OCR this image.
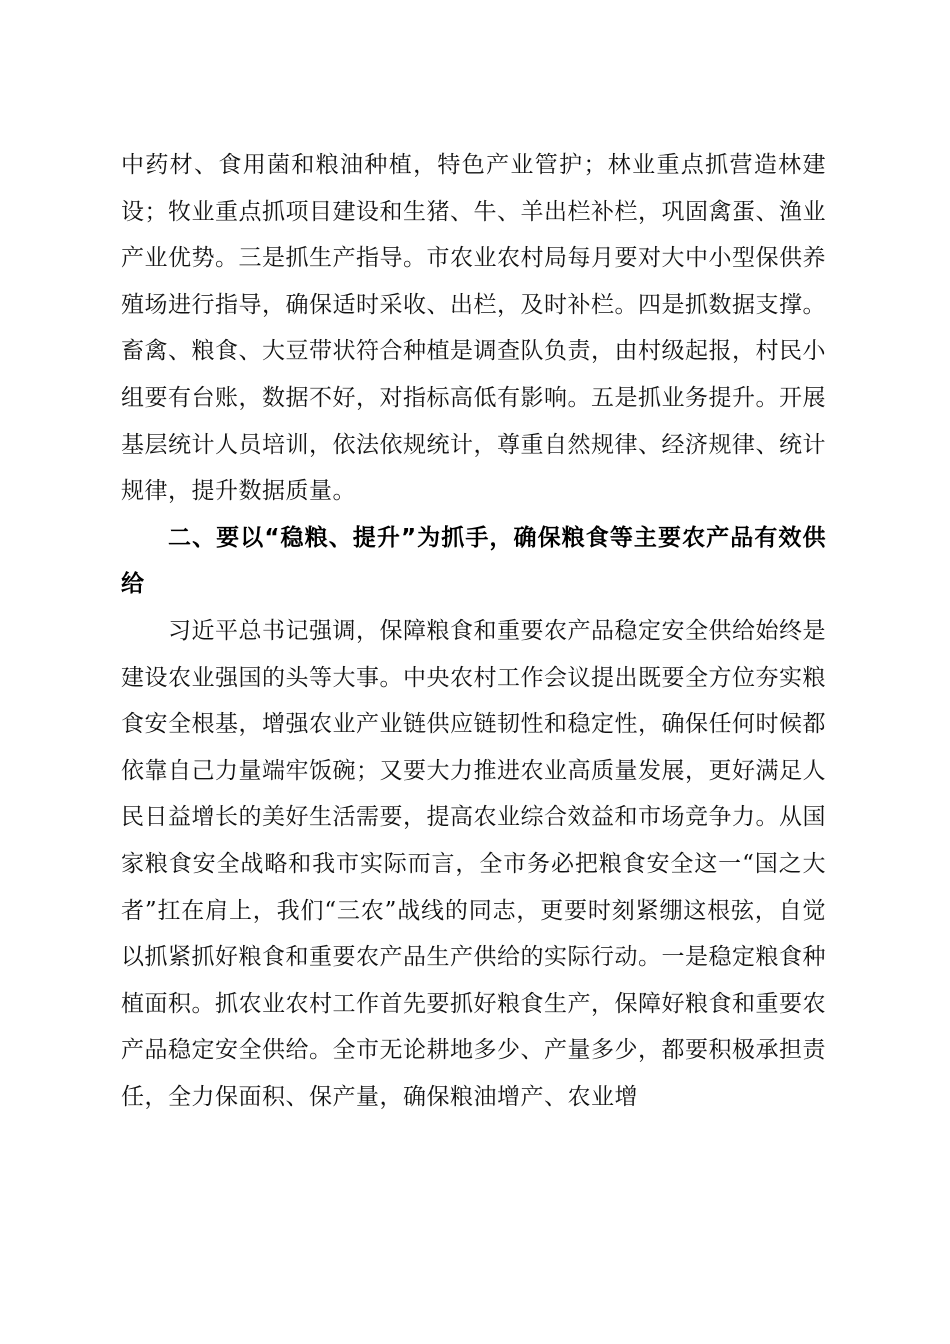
中药材、食用菌和粮油种植，特色产业管护；林业重点抓营造林建设；牧业重点抓项目建设和生猪、牛、羊出栏补栏，巩固禽蛋、渔业产业优势。三是抓生产指导。市农业农村局每月要对大中小型保供养殖场进行指导，确保适时采收、出栏，及时补栏。四是抓数据支撑。畜禽、粮食、大豆带状符合种植是调查队负责，由村级起报，村民小组要有台账，数据不好，对指标高低有影响。五是抓业务提升。开展基层统计人员培训，依法依规统计，尊重自然规律、经济规律、统计规律，提升数据质量。

二、要以“稳粮、提升”为抓手，确保粮食等主要农产品有效供给

习近平总书记强调，保障粮食和重要农产品稳定安全供给始终是建设农业强国的头等大事。中央农村工作会议提出既要全方位夯实粮食安全根基，增强农业产业链供应链韧性和稳定性，确保任何时候都依靠自己力量端牢饭碗；又要大力推进农业高质量发展，更好满足人民日益增长的美好生活需要，提高农业综合效益和市场竞争力。从国家粮食安全战略和我市实际而言，全市务必把粮食安全这一“国之大者”扛在肩上，我们“三农”战线的同志，更要时刻紧绷这根弦，自觉以抓紧抓好粮食和重要农产品生产供给的实际行动。一是稳定粮食种植面积。抓农业农村工作首先要抓好粮食生产，保障好粮食和重要农产品稳定安全供给。全市无论耕地多少、产量多少，都要积极承担责任，全力保面积、保产量，确保粮油增产、农业增
